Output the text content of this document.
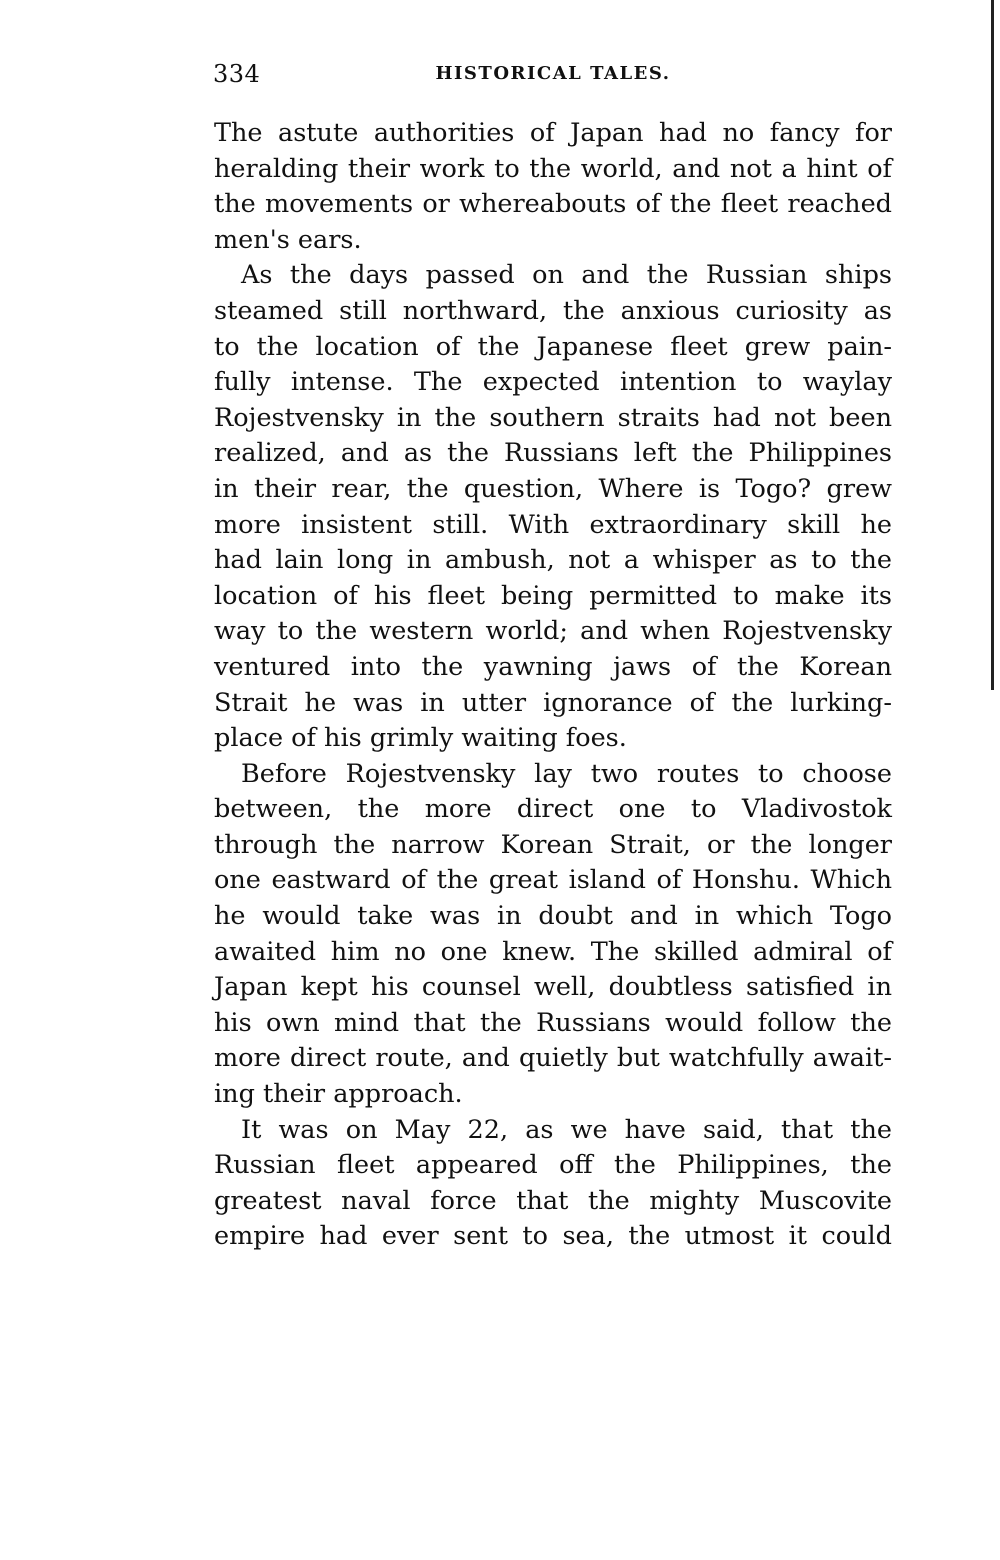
334	HISTORICAL TALES.
The astute authorities of Japan had no fancy for
heralding their work to the world, and not a hint of
the movements or whereabouts of the fleet reached
men's ears.
As the days passed on and the Russian ships
steamed still northward, the anxious curiosity as
to the location of the Japanese fleet grew pain-
fully intense. The expected intention to waylay
Rojestvensky in the southern straits had not been
realized, and as the Russians left the Philippines
in their rear, the question, Where is Togo? grew
more insistent still. With extraordinary skill he
had lain long in ambush, not a whisper as to the
location of his fleet being permitted to make its
way to the western world; and when Rojestvensky
ventured into the yawning jaws of the Korean
Strait he was in utter ignorance of the lurking-
place of his grimly waiting foes.
Before Rojestvensky lay two routes to choose
between, the more direct one to Vladivostok
through the narrow Korean Strait, or the longer
one eastward of the great island of Honshu. Which
he would take was in doubt and in which Togo
awaited him no one knew. The skilled admiral of
Japan kept his counsel well, doubtless satisfied in
his own mind that the Russians would follow the
more direct route, and quietly but watchfully await-
ing their approach.
It was on May 22, as we have said, that the
Russian fleet appeared off the Philippines, the
greatest naval force that the mighty Muscovite
empire had ever sent to sea, the utmost it could
